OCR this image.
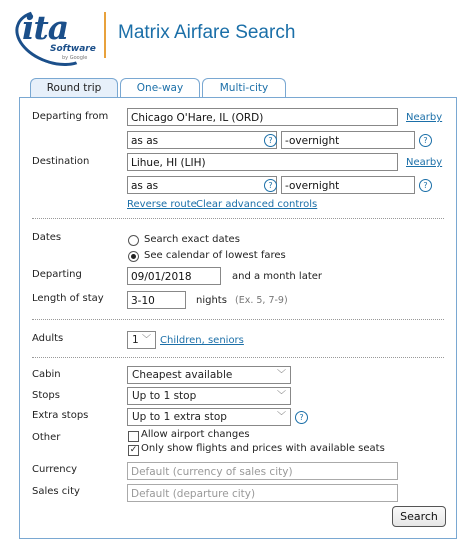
ita
Software
by Google
Matrix Airfare Search
Round trip	One-way	Multi-city
Departing from	Chicago O'Hare, IL (ORD)	Nearby
as as	?	-overnight	?
Destination	Lihue, HI (LIH)	Nearby
as as	?	-overnight	?
Reverse route Clear advanced controls
Dates	Search exact dates
See calendar of lowest fares
Departing	09/01/2018	and a month later
Length of stay	3-10	nights (Ex. 5, 7-9)
Adults	1 ﹀ Children, seniors
Cabin	Cheapest available	﹀
Stops	Up to 1 stop	﹀
Extra stops	Up to 1 extra stop	﹀	?
Other	Allow airport changes
✓ Only show flights and prices with available seats
Currency	Default (currency of sales city)
Sales city	Default (departure city)
Search
